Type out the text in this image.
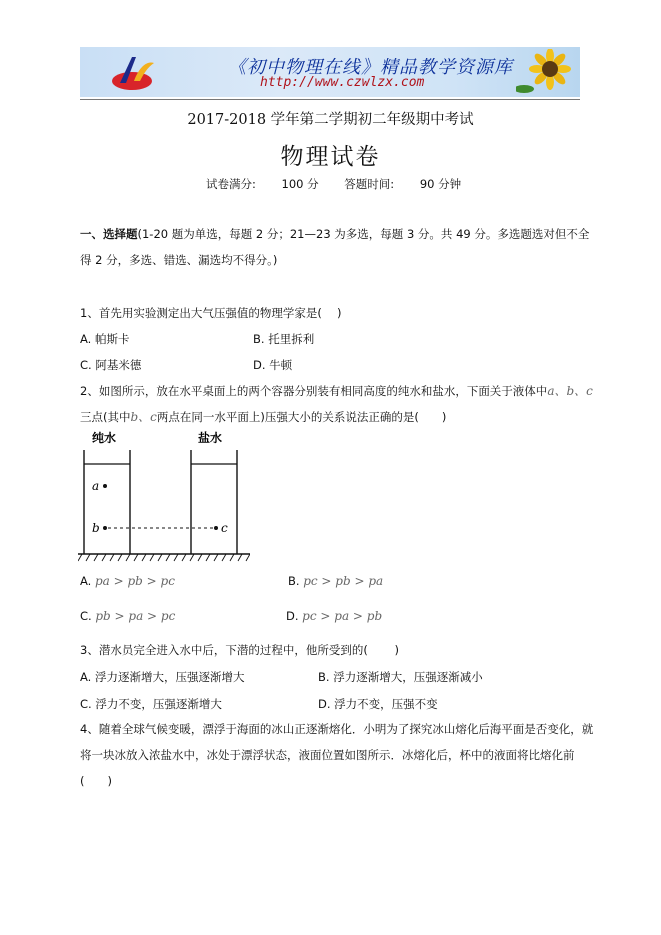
《初中物理在线》精品教学资源库
http://www.czwlzx.com
2017-2018 学年第二学期初二年级期中考试
物理试卷
试卷满分: 100 分 答题时间: 90 分钟
一、选择题(1-20 题为单选，每题 2 分；21—23 为多选，每题 3 分。共 49 分。多选题选对但不全
得 2 分，多选、错选、漏选均不得分。)
1、首先用实验测定出大气压强值的物理学家是(　 )
A. 帕斯卡	B. 托里拆利
C. 阿基米德	D. 牛顿
2、如图所示，放在水平桌面上的两个容器分别装有相同高度的纯水和盐水，下面关于液体中a、b、c
三点(其中b、c两点在同一水平面上)压强大小的关系说法正确的是(　　)
纯水	盐水
a
b	c
A. pa > pb > pc	B. pc > pb > pa
C. pb > pa > pc	D. pc > pa > pb
3、潜水员完全进入水中后，下潜的过程中，他所受到的(　　 )
A. 浮力逐渐增大，压强逐渐增大	B. 浮力逐渐增大，压强逐渐减小
C. 浮力不变，压强逐渐增大	D. 浮力不变，压强不变
4、随着全球气候变暖，漂浮于海面的冰山正逐渐熔化．小明为了探究冰山熔化后海平面是否变化，就
将一块冰放入浓盐水中，冰处于漂浮状态，液面位置如图所示．冰熔化后，杯中的液面将比熔化前
(　　)
